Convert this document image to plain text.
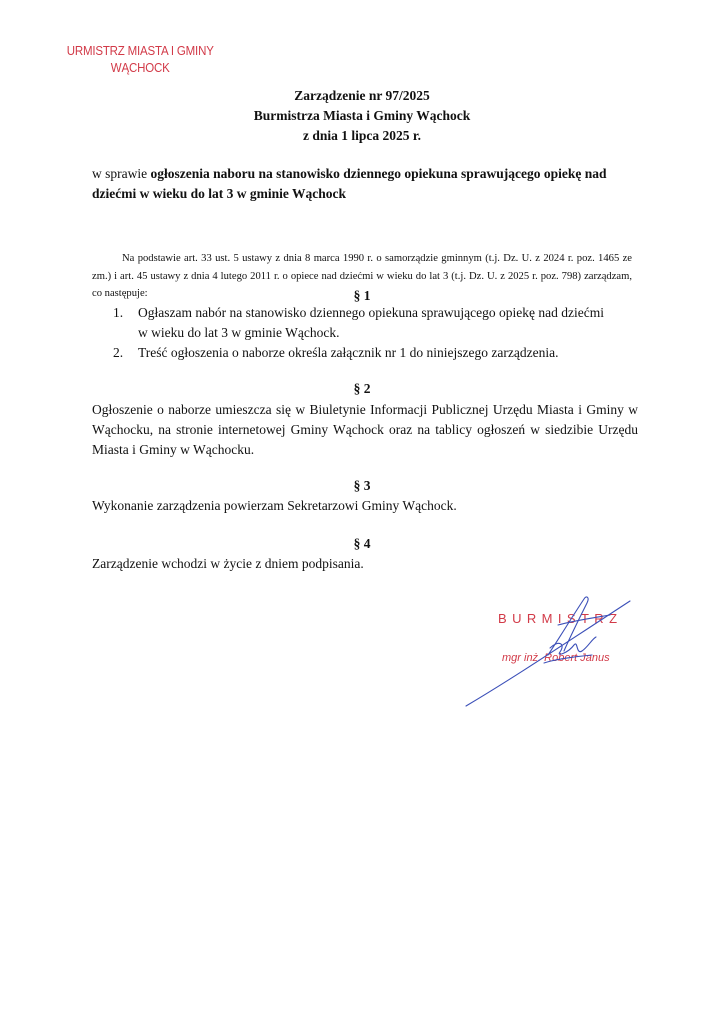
URMISTRZ MIASTA I GMINY
WĄCHOCK
Zarządzenie nr 97/2025
Burmistrza Miasta i Gminy Wąchock
z dnia 1 lipca 2025 r.
w sprawie ogłoszenia naboru na stanowisko dziennego opiekuna sprawującego opiekę nad dziećmi w wieku do lat 3 w gminie Wąchock
Na podstawie art. 33 ust. 5 ustawy z dnia 8 marca 1990 r. o samorządzie gminnym (t.j. Dz. U. z 2024 r. poz. 1465 ze zm.) i art. 45 ustawy z dnia 4 lutego 2011 r. o opiece nad dziećmi w wieku do lat 3 (t.j. Dz. U. z 2025 r. poz. 798) zarządzam, co następuje:	§ 1
1. Ogłaszam nabór na stanowisko dziennego opiekuna sprawującego opiekę nad dziećmi
w wieku do lat 3 w gminie Wąchock.
2. Treść ogłoszenia o naborze określa załącznik nr 1 do niniejszego zarządzenia.
§ 2
Ogłoszenie o naborze umieszcza się w Biuletynie Informacji Publicznej Urzędu Miasta i Gminy w Wąchocku, na stronie internetowej Gminy Wąchock oraz na tablicy ogłoszeń w siedzibie Urzędu Miasta i Gminy w Wąchocku.
§ 3
Wykonanie zarządzenia powierzam Sekretarzowi Gminy Wąchock.
§ 4
Zarządzenie wchodzi w życie z dniem podpisania.
BURMISTRZ
mgr inż. Robert Janus
